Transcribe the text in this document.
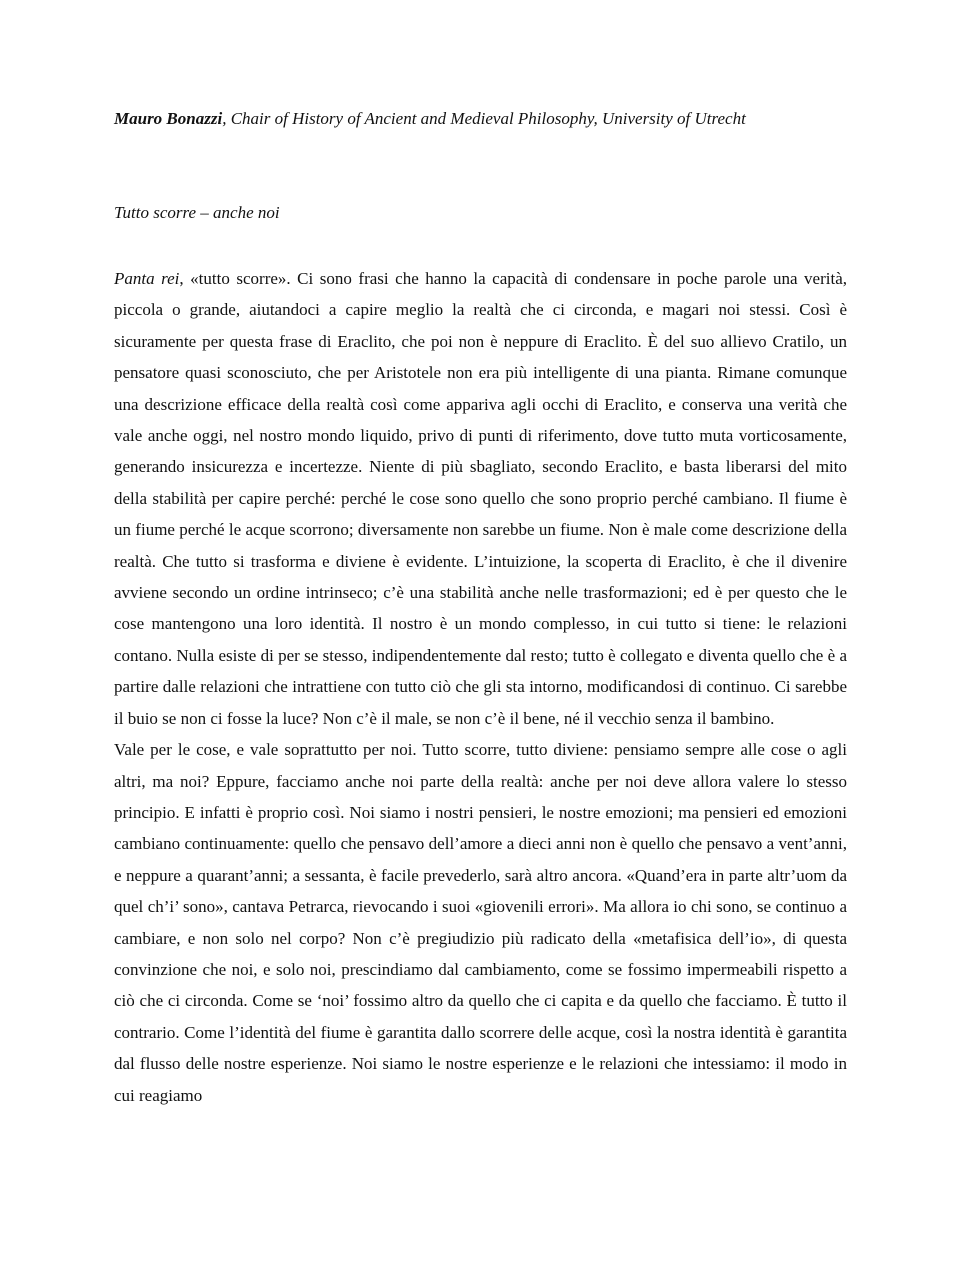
Mauro Bonazzi, Chair of History of Ancient and Medieval Philosophy, University of Utrecht
Tutto scorre – anche noi

Panta rei, «tutto scorre». Ci sono frasi che hanno la capacità di condensare in poche parole una verità, piccola o grande, aiutandoci a capire meglio la realtà che ci circonda, e magari noi stessi. Così è sicuramente per questa frase di Eraclito, che poi non è neppure di Eraclito. È del suo allievo Cratilo, un pensatore quasi sconosciuto, che per Aristotele non era più intelligente di una pianta. Rimane comunque una descrizione efficace della realtà così come appariva agli occhi di Eraclito, e conserva una verità che vale anche oggi, nel nostro mondo liquido, privo di punti di riferimento, dove tutto muta vorticosamente, generando insicurezza e incertezze. Niente di più sbagliato, secondo Eraclito, e basta liberarsi del mito della stabilità per capire perché: perché le cose sono quello che sono proprio perché cambiano. Il fiume è un fiume perché le acque scorrono; diversamente non sarebbe un fiume. Non è male come descrizione della realtà. Che tutto si trasforma e diviene è evidente. L’intuizione, la scoperta di Eraclito, è che il divenire avviene secondo un ordine intrinseco; c’è una stabilità anche nelle trasformazioni; ed è per questo che le cose mantengono una loro identità. Il nostro è un mondo complesso, in cui tutto si tiene: le relazioni contano. Nulla esiste di per se stesso, indipendentemente dal resto; tutto è collegato e diventa quello che è a partire dalle relazioni che intrattiene con tutto ciò che gli sta intorno, modificandosi di continuo. Ci sarebbe il buio se non ci fosse la luce? Non c’è il male, se non c’è il bene, né il vecchio senza il bambino.

Vale per le cose, e vale soprattutto per noi. Tutto scorre, tutto diviene: pensiamo sempre alle cose o agli altri, ma noi? Eppure, facciamo anche noi parte della realtà: anche per noi deve allora valere lo stesso principio. E infatti è proprio così. Noi siamo i nostri pensieri, le nostre emozioni; ma pensieri ed emozioni cambiano continuamente: quello che pensavo dell’amore a dieci anni non è quello che pensavo a vent’anni, e neppure a quarant’anni; a sessanta, è facile prevederlo, sarà altro ancora. «Quand’era in parte altr’uom da quel ch’i’ sono», cantava Petrarca, rievocando i suoi «giovenili errori». Ma allora io chi sono, se continuo a cambiare, e non solo nel corpo? Non c’è pregiudizio più radicato della «metafisica dell’io», di questa convinzione che noi, e solo noi, prescindiamo dal cambiamento, come se fossimo impermeabili rispetto a ciò che ci circonda. Come se ‘noi’ fossimo altro da quello che ci capita e da quello che facciamo. È tutto il contrario. Come l’identità del fiume è garantita dallo scorrere delle acque, così la nostra identità è garantita dal flusso delle nostre esperienze. Noi siamo le nostre esperienze e le relazioni che intessiamo: il modo in cui reagiamo
